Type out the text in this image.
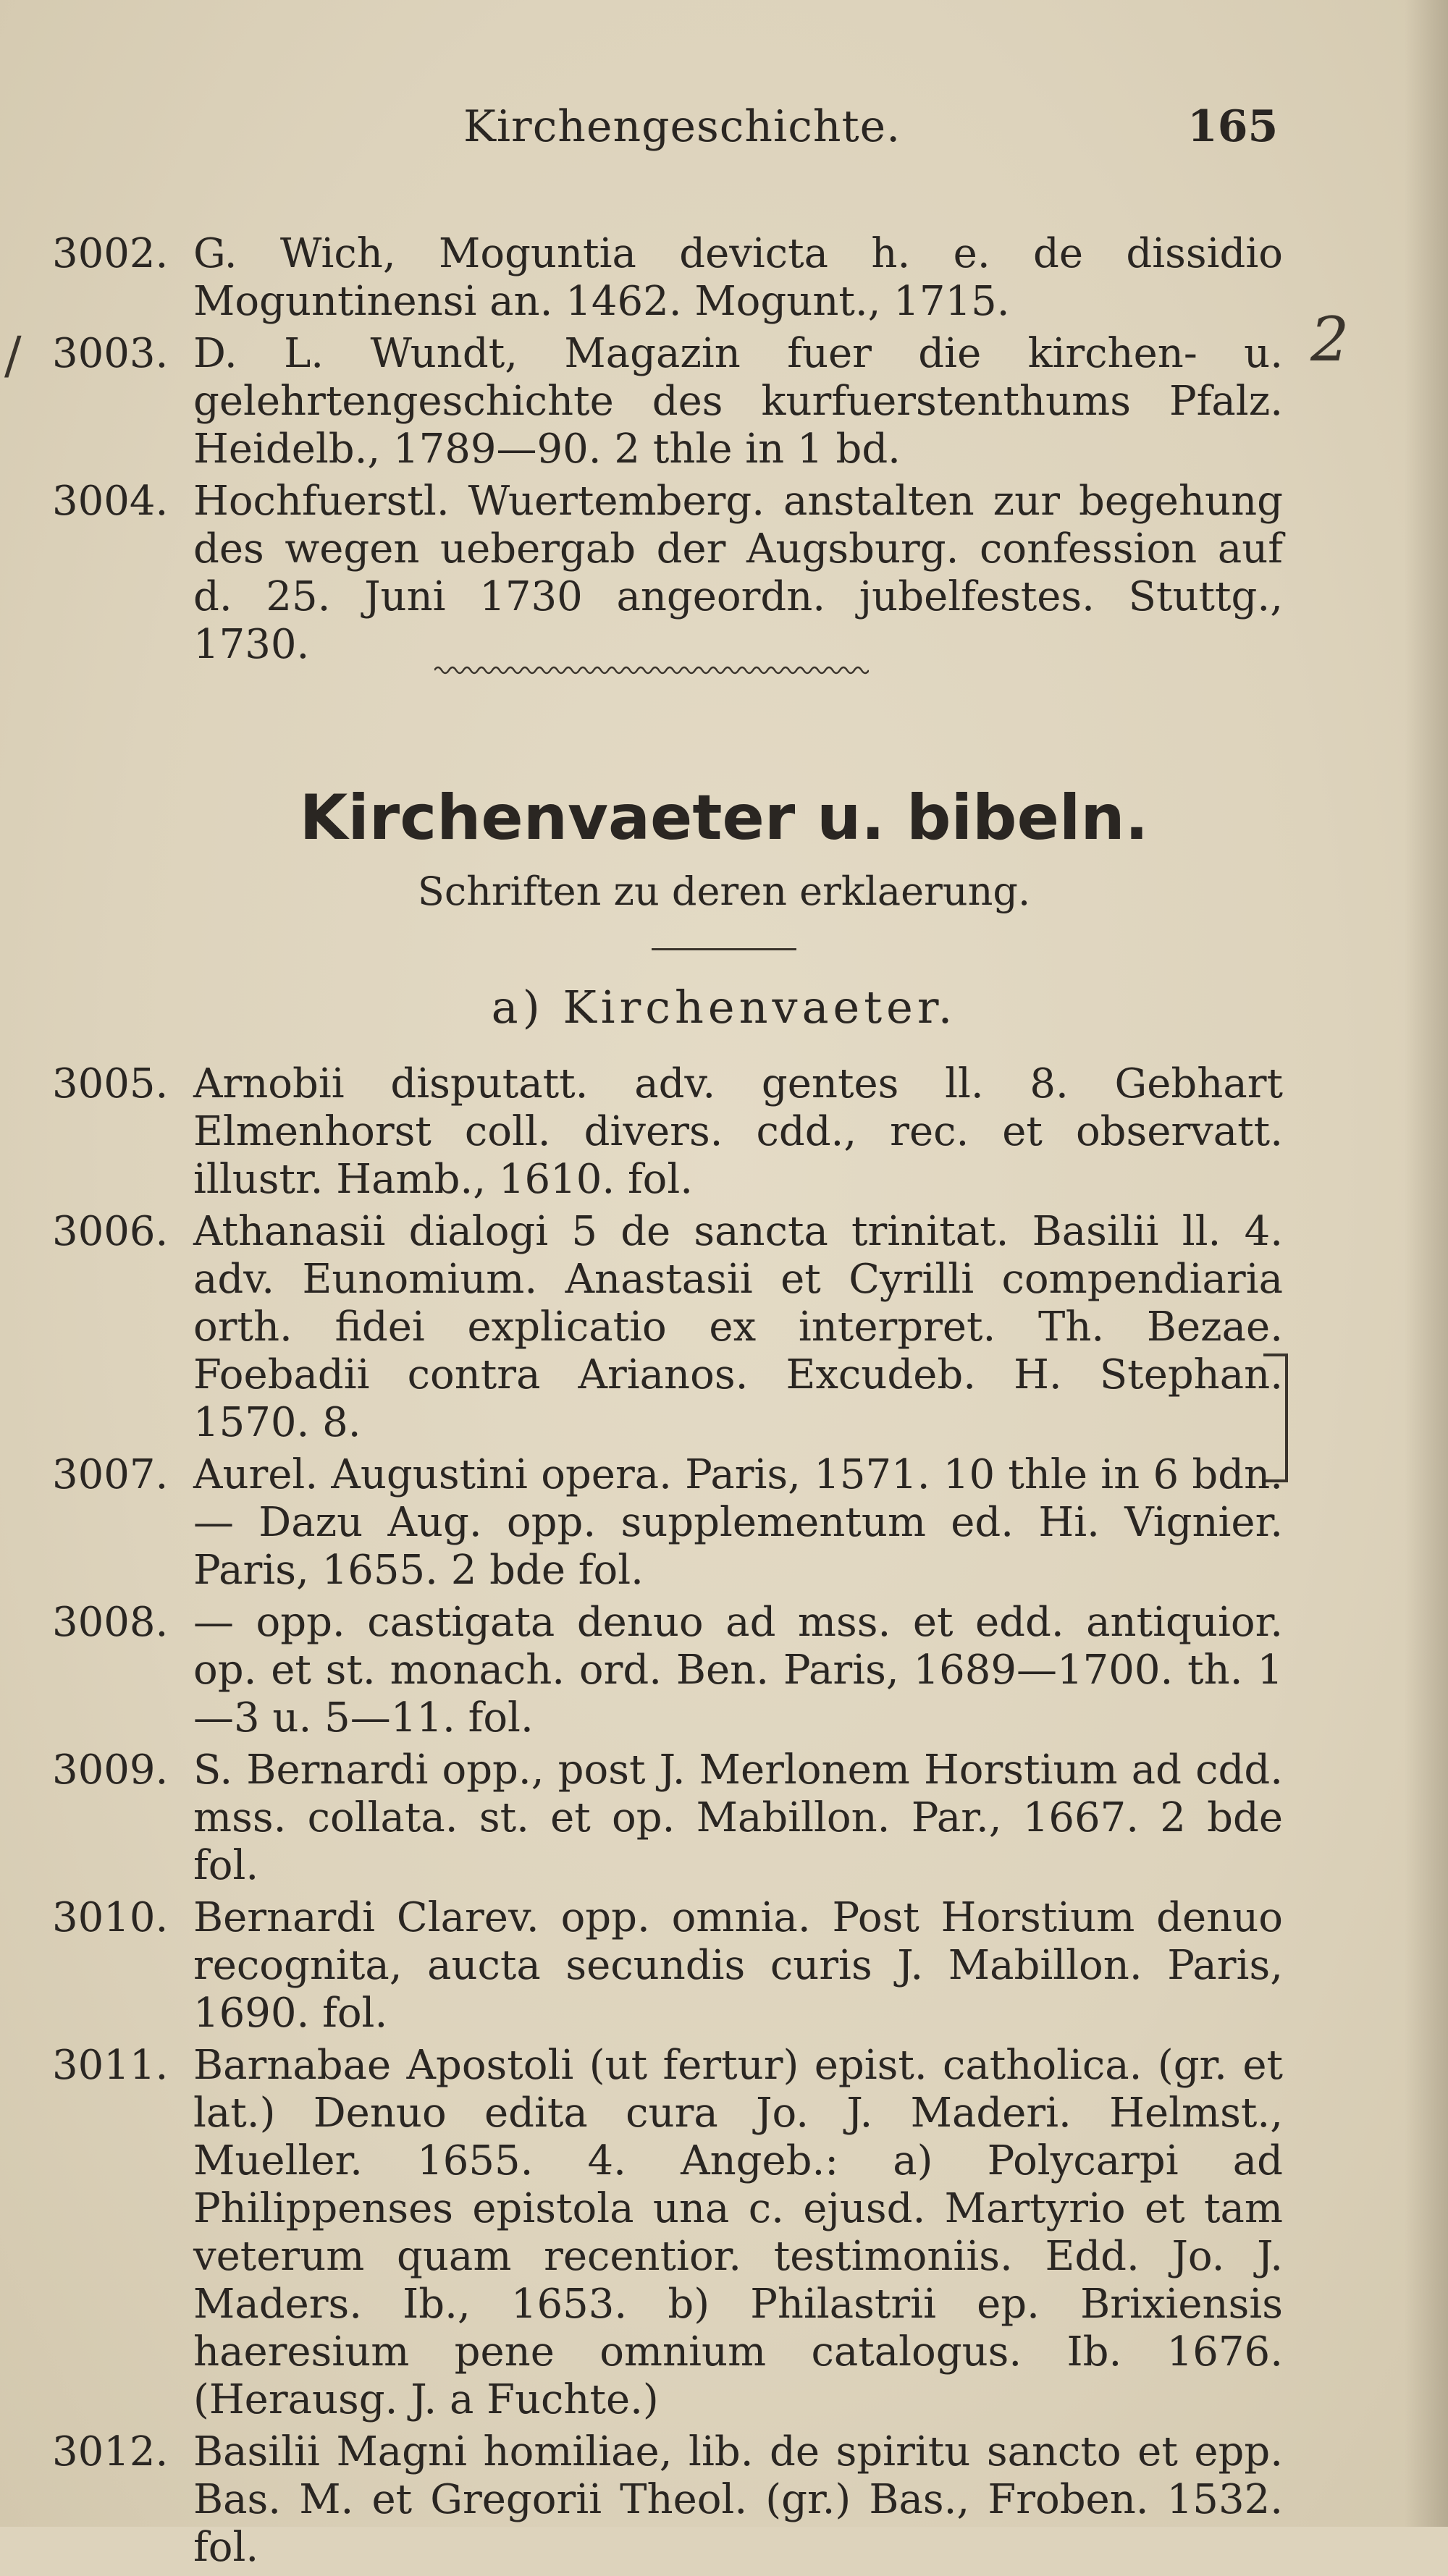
Kirchengeschichte.	165
/	2
3002. G. Wich, Moguntia devicta h. e. de dissidio Moguntinensi an. 1462. Mogunt., 1715.
3003. D. L. Wundt, Magazin fuer die kirchen- u. gelehrtengeschichte des kurfuerstenthums Pfalz. Heidelb., 1789—90. 2 thle in 1 bd.
3004. Hochfuerstl. Wuertemberg. anstalten zur begehung des wegen uebergab der Augsburg. confession auf d. 25. Juni 1730 angeordn. jubelfestes. Stuttg., 1730.
Kirchenvaeter u. bibeln.
Schriften zu deren erklaerung.
a) Kirchenvaeter.
3005. Arnobii disputatt. adv. gentes ll. 8. Gebhart Elmenhorst coll. divers. cdd., rec. et observatt. illustr. Hamb., 1610. fol.
3006. Athanasii dialogi 5 de sancta trinitat. Basilii ll. 4. adv. Eunomium. Anastasii et Cyrilli compendiaria orth. fidei explicatio ex interpret. Th. Bezae. Foebadii contra Arianos. Excudeb. H. Stephan. 1570. 8.
3007. Aurel. Augustini opera. Paris, 1571. 10 thle in 6 bdn. — Dazu Aug. opp. supplementum ed. Hi. Vignier. Paris, 1655. 2 bde fol.
3008. — opp. castigata denuo ad mss. et edd. antiquior. op. et st. monach. ord. Ben. Paris, 1689—1700. th. 1—3 u. 5—11. fol.
3009. S. Bernardi opp., post J. Merlonem Horstium ad cdd. mss. collata. st. et op. Mabillon. Par., 1667. 2 bde fol.
3010. Bernardi Clarev. opp. omnia. Post Horstium denuo recognita, aucta secundis curis J. Mabillon. Paris, 1690. fol.
3011. Barnabae Apostoli (ut fertur) epist. catholica. (gr. et lat.) Denuo edita cura Jo. J. Maderi. Helmst., Mueller. 1655. 4. Angeb.: a) Polycarpi ad Philippenses epistola una c. ejusd. Martyrio et tam veterum quam recentior. testimoniis. Edd. Jo. J. Maders. Ib., 1653. b) Philastrii ep. Brixiensis haeresium pene omnium catalogus. Ib. 1676. (Herausg. J. a Fuchte.)
3012. Basilii Magni homiliae, lib. de spiritu sancto et epp. Bas. M. et Gregorii Theol. (gr.) Bas., Froben. 1532. fol.
